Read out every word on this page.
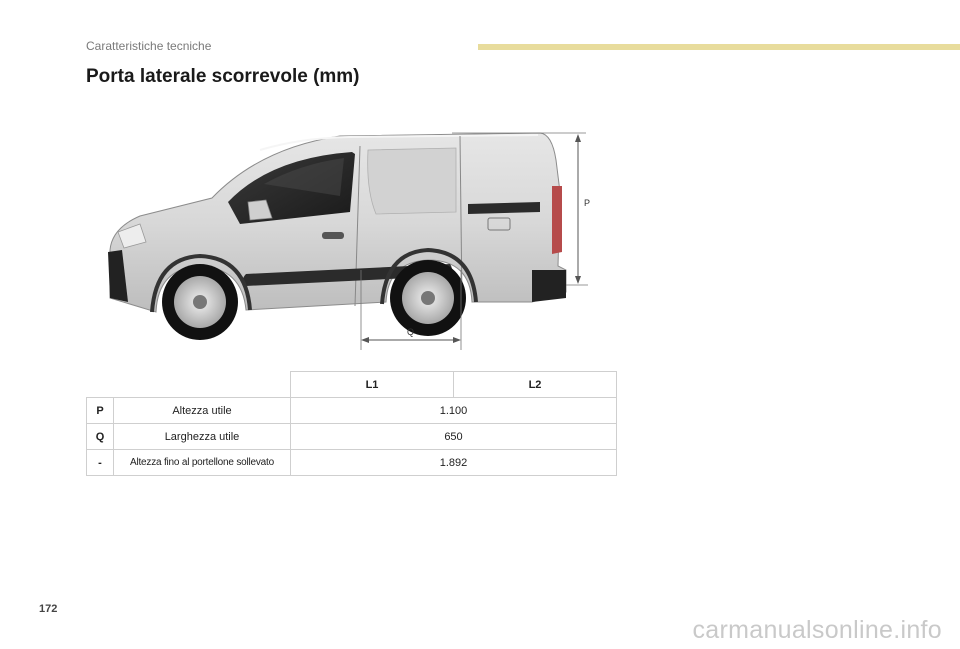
Caratteristiche tecniche
Porta laterale scorrevole (mm)
P
Q
		L1	L2
P	Altezza utile	1.100	
Q	Larghezza utile	650	
-	Altezza fino al portellone sollevato	1.892	
172
carmanualsonline.info
